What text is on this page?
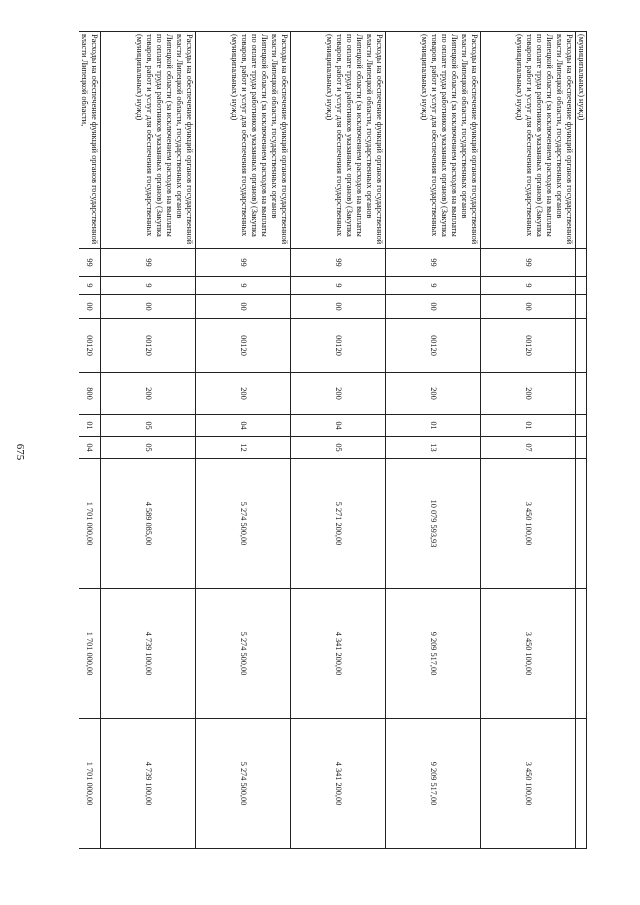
675
(муниципальных) нужд)
Расходы на обеспечение функций органов государственной власти Липецкой области, государственных органов Липецкой области (за исключением расходов на выплаты по оплате труда работников указанных органов) (Закупка товаров, работ и услуг для обеспечения государственных (муниципальных) нужд)
99
9
00
00120
200
01
07
3 450 100,00
3 450 100,00
3 450 100,00
Расходы на обеспечение функций органов государственной власти Липецкой области, государственных органов Липецкой области (за исключением расходов на выплаты по оплате труда работников указанных органов) (Закупка товаров, работ и услуг для обеспечения государственных (муниципальных) нужд)
99
9
00
00120
200
01
13
10 079 593,93
9 209 517,00
9 209 517,00
Расходы на обеспечение функций органов государственной власти Липецкой области, государственных органов Липецкой области (за исключением расходов на выплаты по оплате труда работников указанных органов) (Закупка товаров, работ и услуг для обеспечения государственных (муниципальных) нужд)
99
9
00
00120
200
04
05
5 271 200,00
4 341 200,00
4 341 200,00
Расходы на обеспечение функций органов государственной власти Липецкой области, государственных органов Липецкой области (за исключением расходов на выплаты по оплате труда работников указанных органов) (Закупка товаров, работ и услуг для обеспечения государственных (муниципальных) нужд)
99
9
00
00120
200
04
12
5 274 500,00
5 274 500,00
5 274 500,00
Расходы на обеспечение функций органов государственной власти Липецкой области, государственных органов Липецкой области (за исключением расходов на выплаты по оплате труда работников указанных органов) (Закупка товаров, работ и услуг для обеспечения государственных (муниципальных) нужд)
99
9
00
00120
200
05
05
4 589 085,00
4 739 100,00
4 739 100,00
Расходы на обеспечение функций органов государственной власти Липецкой области,
99
9
00
00120
800
01
04
1 701 000,00
1 701 000,00
1 701 000,00
